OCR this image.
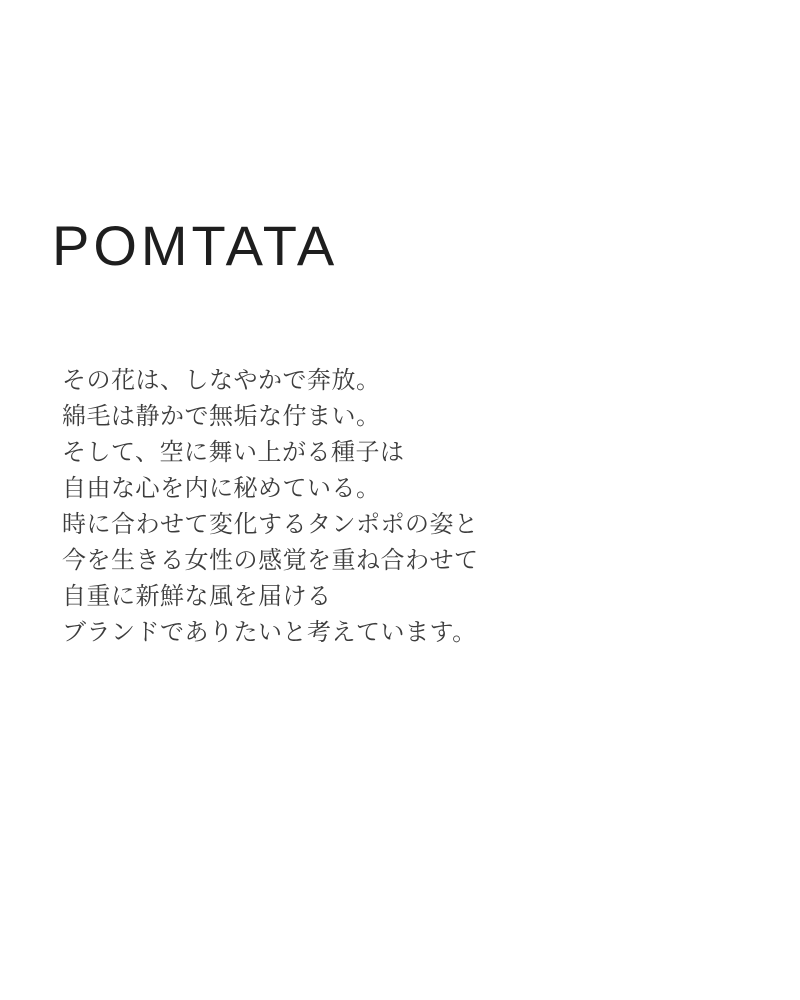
POMTATA
その花は、しなやかで奔放。
綿毛は静かで無垢な佇まい。
そして、空に舞い上がる種子は
自由な心を内に秘めている。
時に合わせて変化するタンポポの姿と
今を生きる女性の感覚を重ね合わせて
自重に新鮮な風を届ける
ブランドでありたいと考えています。
